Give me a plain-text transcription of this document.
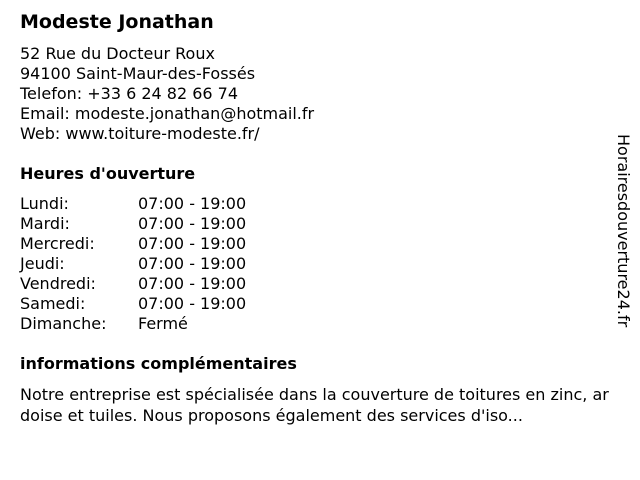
Modeste Jonathan
52 Rue du Docteur Roux
94100 Saint-Maur-des-Fossés
Telefon: +33 6 24 82 66 74
Email: modeste.jonathan@hotmail.fr
Web: www.toiture-modeste.fr/
Heures d'ouverture
Lundi:	07:00 - 19:00
Mardi:	07:00 - 19:00
Mercredi:	07:00 - 19:00
Jeudi:	07:00 - 19:00
Vendredi:	07:00 - 19:00
Samedi:	07:00 - 19:00
Dimanche: Fermé
informations complémentaires
Notre entreprise est spécialisée dans la couverture de toitures en zinc, ardoise et tuiles. Nous proposons également des services d'iso...
Horairesdouverture24.fr
